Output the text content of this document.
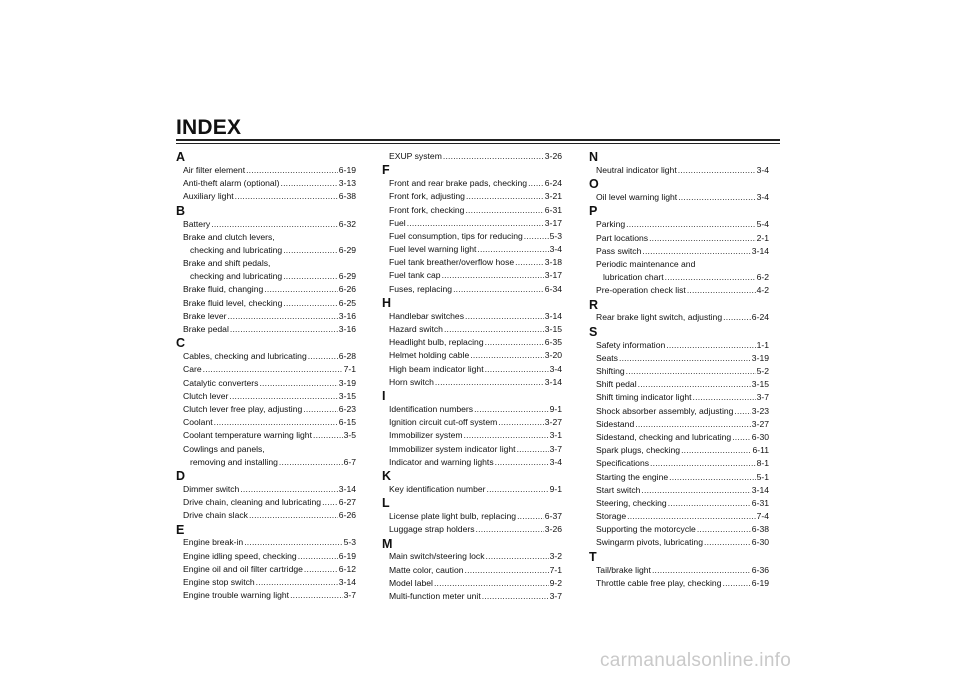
INDEX
A
Air filter element .....	6-19
Anti-theft alarm (optional) .....	3-13
Auxiliary light .....	6-38
B
Battery .....	6-32
Brake and clutch levers,
checking and lubricating .....	6-29
Brake and shift pedals,
checking and lubricating .....	6-29
Brake fluid, changing .....	6-26
Brake fluid level, checking .....	6-25
Brake lever .....	3-16
Brake pedal .....	3-16
C
Cables, checking and lubricating .....	6-28
Care .....	7-1
Catalytic converters .....	3-19
Clutch lever .....	3-15
Clutch lever free play, adjusting .....	6-23
Coolant .....	6-15
Coolant temperature warning light .....	3-5
Cowlings and panels,
removing and installing .....	6-7
D
Dimmer switch .....	3-14
Drive chain, cleaning and lubricating ..... 6-27
Drive chain slack .....	6-26
E
Engine break-in .....	5-3
Engine idling speed, checking .....	6-19
Engine oil and oil filter cartridge .....	6-12
Engine stop switch .....	3-14
Engine trouble warning light .....	3-7
EXUP system .....	3-26
F
Front and rear brake pads, checking ..... 6-24
Front fork, adjusting .....	3-21
Front fork, checking .....	6-31
Fuel .....	3-17
Fuel consumption, tips for reducing .....	5-3
Fuel level warning light .....	3-4
Fuel tank breather/overflow hose .....	3-18
Fuel tank cap .....	3-17
Fuses, replacing .....	6-34
H
Handlebar switches .....	3-14
Hazard switch .....	3-15
Headlight bulb, replacing .....	6-35
Helmet holding cable .....	3-20
High beam indicator light .....	3-4
Horn switch .....	3-14
I
Identification numbers .....	9-1
Ignition circuit cut-off system .....	3-27
Immobilizer system .....	3-1
Immobilizer system indicator light .....	3-7
Indicator and warning lights .....	3-4
K
Key identification number .....	9-1
L
License plate light bulb, replacing .....	6-37
Luggage strap holders .....	3-26
M
Main switch/steering lock .....	3-2
Matte color, caution .....	7-1
Model label .....	9-2
Multi-function meter unit .....	3-7
N
Neutral indicator light .....	3-4
O
Oil level warning light .....	3-4
P
Parking .....	5-4
Part locations .....	2-1
Pass switch .....	3-14
Periodic maintenance and
lubrication chart .....	6-2
Pre-operation check list .....	4-2
R
Rear brake light switch, adjusting .....	6-24
S
Safety information .....	1-1
Seats .....	3-19
Shifting .....	5-2
Shift pedal .....	3-15
Shift timing indicator light .....	3-7
Shock absorber assembly, adjusting ..... 3-23
Sidestand .....	3-27
Sidestand, checking and lubricating ..... 6-30
Spark plugs, checking .....	6-11
Specifications .....	8-1
Starting the engine .....	5-1
Start switch .....	3-14
Steering, checking .....	6-31
Storage .....	7-4
Supporting the motorcycle .....	6-38
Swingarm pivots, lubricating .....	6-30
T
Tail/brake light .....	6-36
Throttle cable free play, checking .....	6-19
carmanualsonline.info
